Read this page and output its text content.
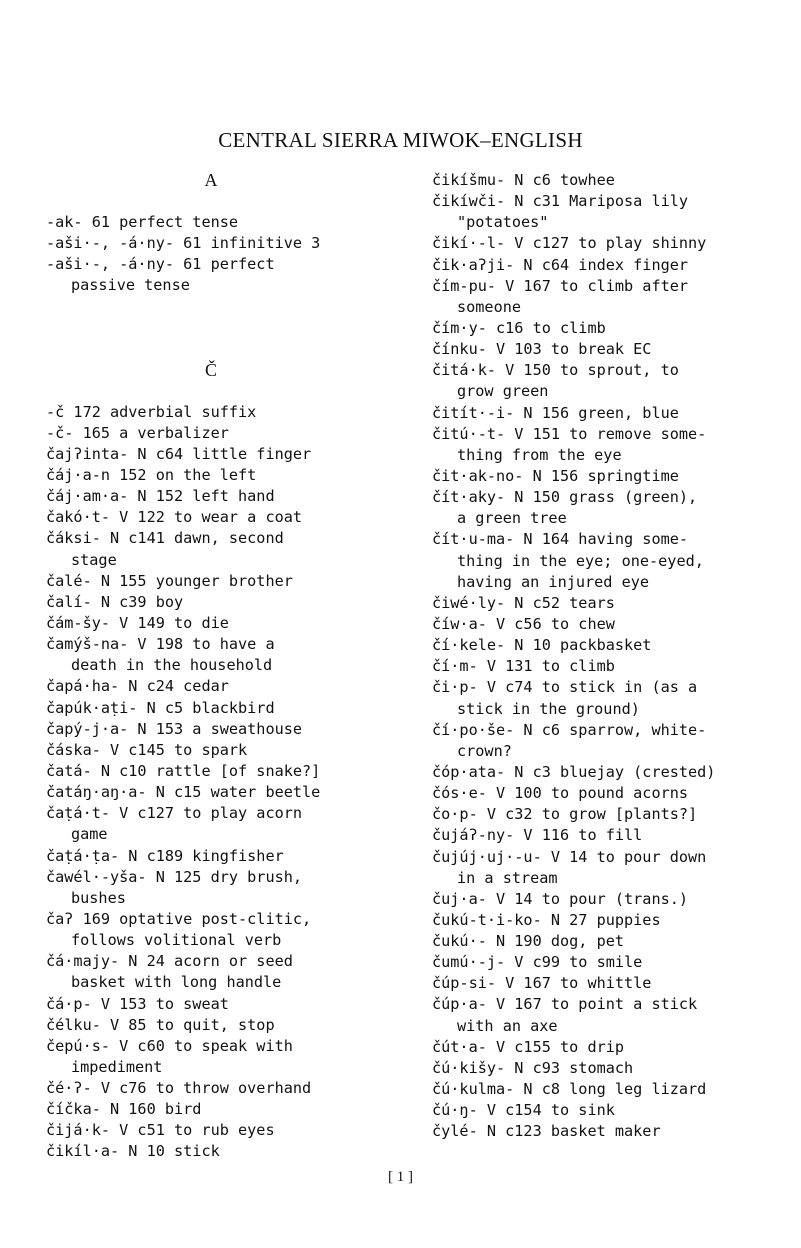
CENTRAL SIERRA MIWOK–ENGLISH
A
-ak- 61 perfect tense
-aši·-, -á·ny- 61 infinitive 3
-aši·-, -á·ny- 61 perfect
passive tense
Č
-č 172 adverbial suffix
-č- 165 a verbalizer
čajʔinta- N c64 little finger
čáj·a-n 152 on the left
čáj·am·a- N 152 left hand
čakó·t- V 122 to wear a coat
čáksi- N c141 dawn, second
stage
čalé- N 155 younger brother
čalí- N c39 boy
čám-šy- V 149 to die
čamýš-na- V 198 to have a
death in the household
čapá·ha- N c24 cedar
čapúk·aṭi- N c5 blackbird
čapý-j·a- N 153 a sweathouse
čáska- V c145 to spark
čatá- N c10 rattle [of snake?]
čatáŋ·aŋ·a- N c15 water beetle
čaṭá·t- V c127 to play acorn
game
čaṭá·ṭa- N c189 kingfisher
čawél·-yša- N 125 dry brush,
bushes
čaʔ 169 optative post-clitic,
follows volitional verb
čá·majy- N 24 acorn or seed
basket with long handle
čá·p- V 153 to sweat
čélku- V 85 to quit, stop
čepú·s- V c60 to speak with
impediment
čé·ʔ- V c76 to throw overhand
číčka- N 160 bird
čijá·k- V c51 to rub eyes
čikíl·a- N 10 stick
čikíšmu- N c6 towhee
čikíwči- N c31 Mariposa lily
"potatoes"
čikí·-l- V c127 to play shinny
čik·aʔji- N c64 index finger
čím-pu- V 167 to climb after
someone
čím·y- c16 to climb
čínku- V 103 to break EC
čitá·k- V 150 to sprout, to
grow green
čitít·-i- N 156 green, blue
čitú·-t- V 151 to remove some-
thing from the eye
čit·ak-no- N 156 springtime
čít·aky- N 150 grass (green),
a green tree
čít·u-ma- N 164 having some-
thing in the eye; one-eyed,
having an injured eye
čiwé·ly- N c52 tears
číw·a- V c56 to chew
čí·kele- N 10 packbasket
čí·m- V 131 to climb
či·p- V c74 to stick in (as a
stick in the ground)
čí·po·še- N c6 sparrow, white-
crown?
čóp·ata- N c3 bluejay (crested)
čós·e- V 100 to pound acorns
čo·p- V c32 to grow [plants?]
čujáʔ-ny- V 116 to fill
čujúj·uj·-u- V 14 to pour down
in a stream
čuj·a- V 14 to pour (trans.)
čukú-t·i-ko- N 27 puppies
čukú·- N 190 dog, pet
čumú·-j- V c99 to smile
čúp-si- V 167 to whittle
čúp·a- V 167 to point a stick
with an axe
čút·a- V c155 to drip
čú·kišy- N c93 stomach
čú·kulma- N c8 long leg lizard
čú·ŋ- V c154 to sink
čylé- N c123 basket maker
[ 1 ]
